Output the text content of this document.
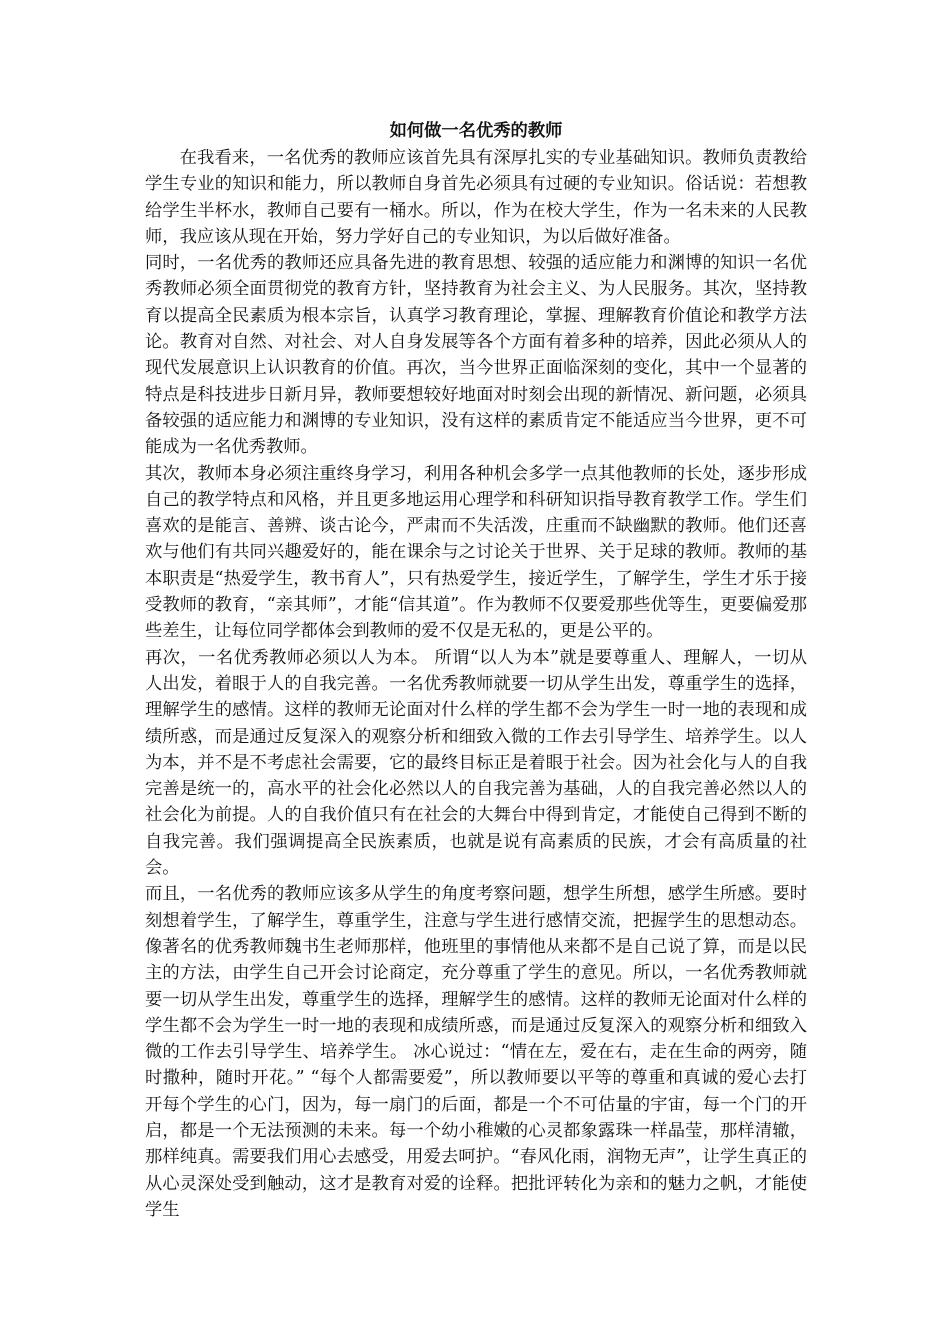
如何做一名优秀的教师

在我看来，一名优秀的教师应该首先具有深厚扎实的专业基础知识。教师负责教给学生专业的知识和能力，所以教师自身首先必须具有过硬的专业知识。俗话说：若想教给学生半杯水，教师自己要有一桶水。所以，作为在校大学生，作为一名未来的人民教师，我应该从现在开始，努力学好自己的专业知识，为以后做好准备。

同时，一名优秀的教师还应具备先进的教育思想、较强的适应能力和渊博的知识一名优秀教师必须全面贯彻党的教育方针，坚持教育为社会主义、为人民服务。其次，坚持教育以提高全民素质为根本宗旨，认真学习教育理论，掌握、理解教育价值论和教学方法论。教育对自然、对社会、对人自身发展等各个方面有着多种的培养，因此必须从人的现代发展意识上认识教育的价值。再次，当今世界正面临深刻的变化，其中一个显著的特点是科技进步日新月异，教师要想较好地面对时刻会出现的新情况、新问题，必须具备较强的适应能力和渊博的专业知识，没有这样的素质肯定不能适应当今世界，更不可能成为一名优秀教师。

其次，教师本身必须注重终身学习，利用各种机会多学一点其他教师的长处，逐步形成自己的教学特点和风格，并且更多地运用心理学和科研知识指导教育教学工作。学生们喜欢的是能言、善辨、谈古论今，严肃而不失活泼，庄重而不缺幽默的教师。他们还喜欢与他们有共同兴趣爱好的，能在课余与之讨论关于世界、关于足球的教师。教师的基本职责是“热爱学生，教书育人”，只有热爱学生，接近学生，了解学生，学生才乐于接受教师的教育，“亲其师”，才能“信其道”。作为教师不仅要爱那些优等生，更要偏爱那些差生，让每位同学都体会到教师的爱不仅是无私的，更是公平的。

再次，一名优秀教师必须以人为本。 所谓“以人为本”就是要尊重人、理解人，一切从人出发，着眼于人的自我完善。一名优秀教师就要一切从学生出发，尊重学生的选择，理解学生的感情。这样的教师无论面对什么样的学生都不会为学生一时一地的表现和成绩所惑，而是通过反复深入的观察分析和细致入微的工作去引导学生、培养学生。以人为本，并不是不考虑社会需要，它的最终目标正是着眼于社会。因为社会化与人的自我完善是统一的，高水平的社会化必然以人的自我完善为基础，人的自我完善必然以人的社会化为前提。人的自我价值只有在社会的大舞台中得到肯定，才能使自己得到不断的自我完善。我们强调提高全民族素质，也就是说有高素质的民族，才会有高质量的社会。

而且，一名优秀的教师应该多从学生的角度考察问题，想学生所想，感学生所感。要时刻想着学生，了解学生，尊重学生，注意与学生进行感情交流，把握学生的思想动态。像著名的优秀教师魏书生老师那样，他班里的事情他从来都不是自己说了算，而是以民主的方法，由学生自己开会讨论商定，充分尊重了学生的意见。所以，一名优秀教师就要一切从学生出发，尊重学生的选择，理解学生的感情。这样的教师无论面对什么样的学生都不会为学生一时一地的表现和成绩所惑，而是通过反复深入的观察分析和细致入微的工作去引导学生、培养学生。 冰心说过：“情在左，爱在右，走在生命的两旁，随时撒种，随时开花。” “每个人都需要爱”，所以教师要以平等的尊重和真诚的爱心去打开每个学生的心门，因为，每一扇门的后面，都是一个不可估量的宇宙，每一个门的开启，都是一个无法预测的未来。每一个幼小稚嫩的心灵都象露珠一样晶莹，那样清辙，那样纯真。需要我们用心去感受，用爱去呵护。“春风化雨，润物无声”，让学生真正的从心灵深处受到触动，这才是教育对爱的诠释。把批评转化为亲和的魅力之帆，才能使学生
